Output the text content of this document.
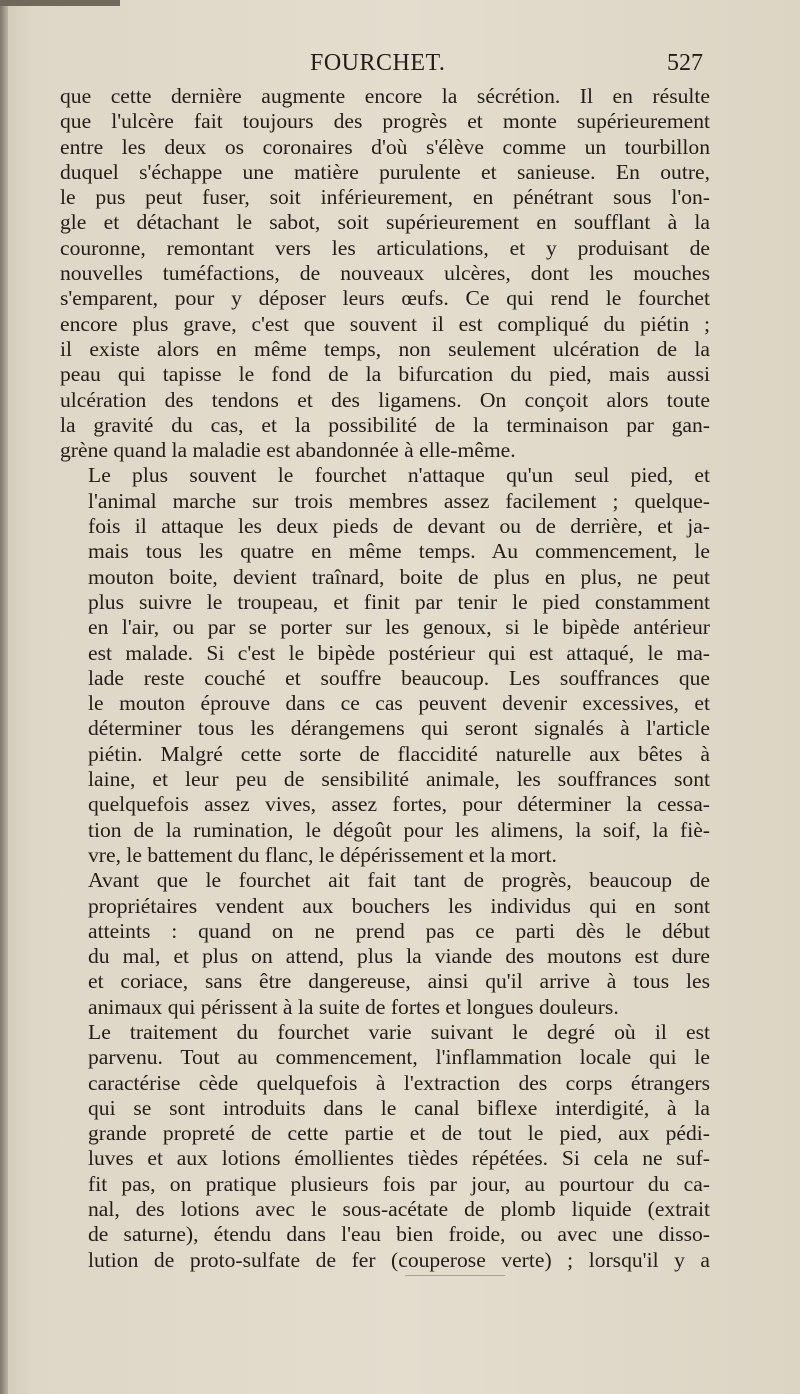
FOURCHET.	527

que cette dernière augmente encore la sécrétion. Il en résulte
que l'ulcère fait toujours des progrès et monte supérieurement
entre les deux os coronaires d'où s'élève comme un tourbillon
duquel s'échappe une matière purulente et sanieuse. En outre,
le pus peut fuser, soit inférieurement, en pénétrant sous l'on-
gle et détachant le sabot, soit supérieurement en soufflant à la
couronne, remontant vers les articulations, et y produisant de
nouvelles tuméfactions, de nouveaux ulcères, dont les mouches
s'emparent, pour y déposer leurs œufs. Ce qui rend le fourchet
encore plus grave, c'est que souvent il est compliqué du piétin ;
il existe alors en même temps, non seulement ulcération de la
peau qui tapisse le fond de la bifurcation du pied, mais aussi
ulcération des tendons et des ligamens. On conçoit alors toute
la gravité du cas, et la possibilité de la terminaison par gan-
grène quand la maladie est abandonnée à elle-même.

Le plus souvent le fourchet n'attaque qu'un seul pied, et
l'animal marche sur trois membres assez facilement ; quelque-
fois il attaque les deux pieds de devant ou de derrière, et ja-
mais tous les quatre en même temps. Au commencement, le
mouton boite, devient traînard, boite de plus en plus, ne peut
plus suivre le troupeau, et finit par tenir le pied constamment
en l'air, ou par se porter sur les genoux, si le bipède antérieur
est malade. Si c'est le bipède postérieur qui est attaqué, le ma-
lade reste couché et souffre beaucoup. Les souffrances que
le mouton éprouve dans ce cas peuvent devenir excessives, et
déterminer tous les dérangemens qui seront signalés à l'article
piétin. Malgré cette sorte de flaccidité naturelle aux bêtes à
laine, et leur peu de sensibilité animale, les souffrances sont
quelquefois assez vives, assez fortes, pour déterminer la cessa-
tion de la rumination, le dégoût pour les alimens, la soif, la fiè-
vre, le battement du flanc, le dépérissement et la mort.

Avant que le fourchet ait fait tant de progrès, beaucoup de
propriétaires vendent aux bouchers les individus qui en sont
atteints : quand on ne prend pas ce parti dès le début
du mal, et plus on attend, plus la viande des moutons est dure
et coriace, sans être dangereuse, ainsi qu'il arrive à tous les
animaux qui périssent à la suite de fortes et longues douleurs.

Le traitement du fourchet varie suivant le degré où il est
parvenu. Tout au commencement, l'inflammation locale qui le
caractérise cède quelquefois à l'extraction des corps étrangers
qui se sont introduits dans le canal biflexe interdigité, à la
grande propreté de cette partie et de tout le pied, aux pédi-
luves et aux lotions émollientes tièdes répétées. Si cela ne suf-
fit pas, on pratique plusieurs fois par jour, au pourtour du ca-
nal, des lotions avec le sous-acétate de plomb liquide (extrait
de saturne), étendu dans l'eau bien froide, ou avec une disso-
lution de proto-sulfate de fer (couperose verte) ; lorsqu'il y a
